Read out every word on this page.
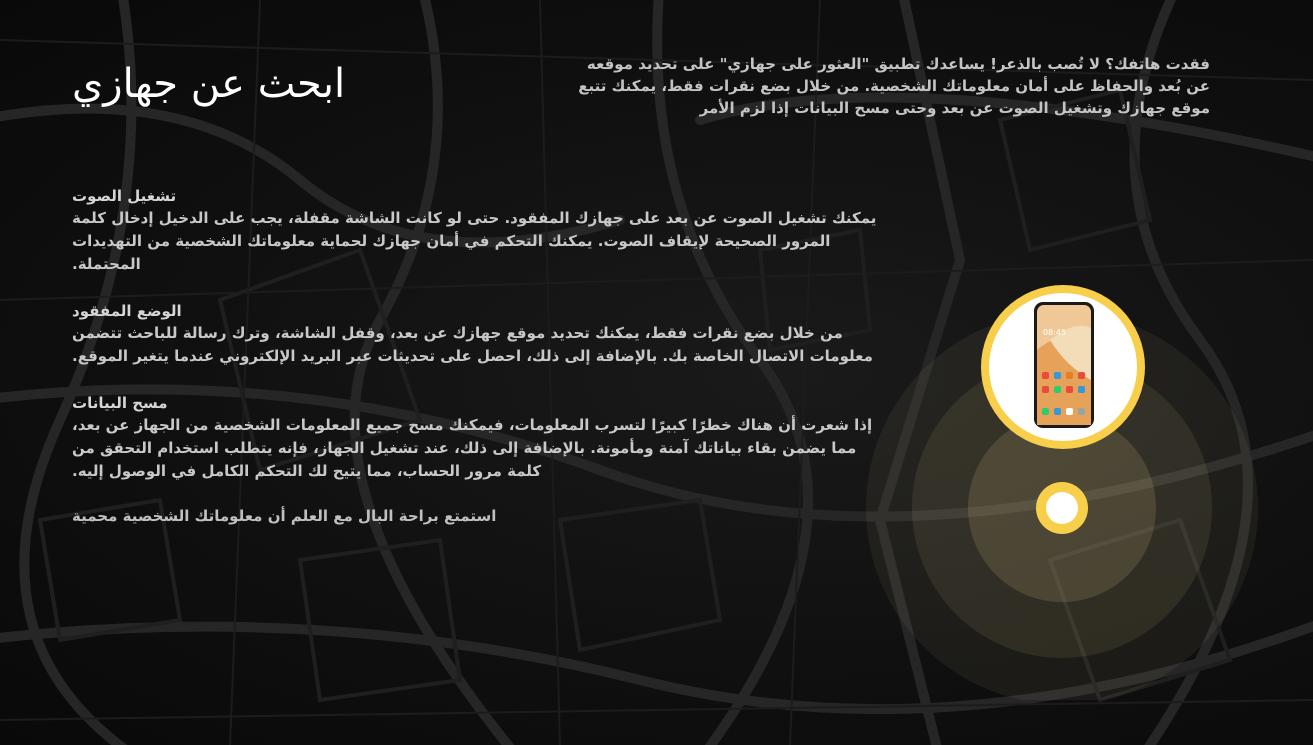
ابحث عن جهازي	فقدت هاتفك؟ لا تُصب بالذعر! يساعدك تطبيق "العثور على جهازي" على تحديد موقعه عن بُعد والحفاظ على أمان معلوماتك الشخصية. من خلال بضع نقرات فقط، يمكنك تتبع موقع جهازك وتشغيل الصوت عن بعد وحتى مسح البيانات إذا لزم الأمر

تشغيل الصوت

يمكنك تشغيل الصوت عن بعد على جهازك المفقود. حتى لو كانت الشاشة مقفلة، يجب على الدخيل إدخال كلمة المرور الصحيحة لإيقاف الصوت. يمكنك التحكم في أمان جهازك لحماية معلوماتك الشخصية من التهديدات المحتملة.

الوضع المفقود

من خلال بضع نقرات فقط، يمكنك تحديد موقع جهازك عن بعد، وقفل الشاشة، وترك رسالة للباحث تتضمن معلومات الاتصال الخاصة بك. بالإضافة إلى ذلك، احصل على تحديثات عبر البريد الإلكتروني عندما يتغير الموقع.

مسح البيانات

إذا شعرت أن هناك خطرًا كبيرًا لتسرب المعلومات، فيمكنك مسح جميع المعلومات الشخصية من الجهاز عن بعد، مما يضمن بقاء بياناتك آمنة ومأمونة. بالإضافة إلى ذلك، عند تشغيل الجهاز، فإنه يتطلب استخدام التحقق من كلمة مرور الحساب، مما يتيح لك التحكم الكامل في الوصول إليه.

استمتع براحة البال مع العلم أن معلوماتك الشخصية محمية

08:45
